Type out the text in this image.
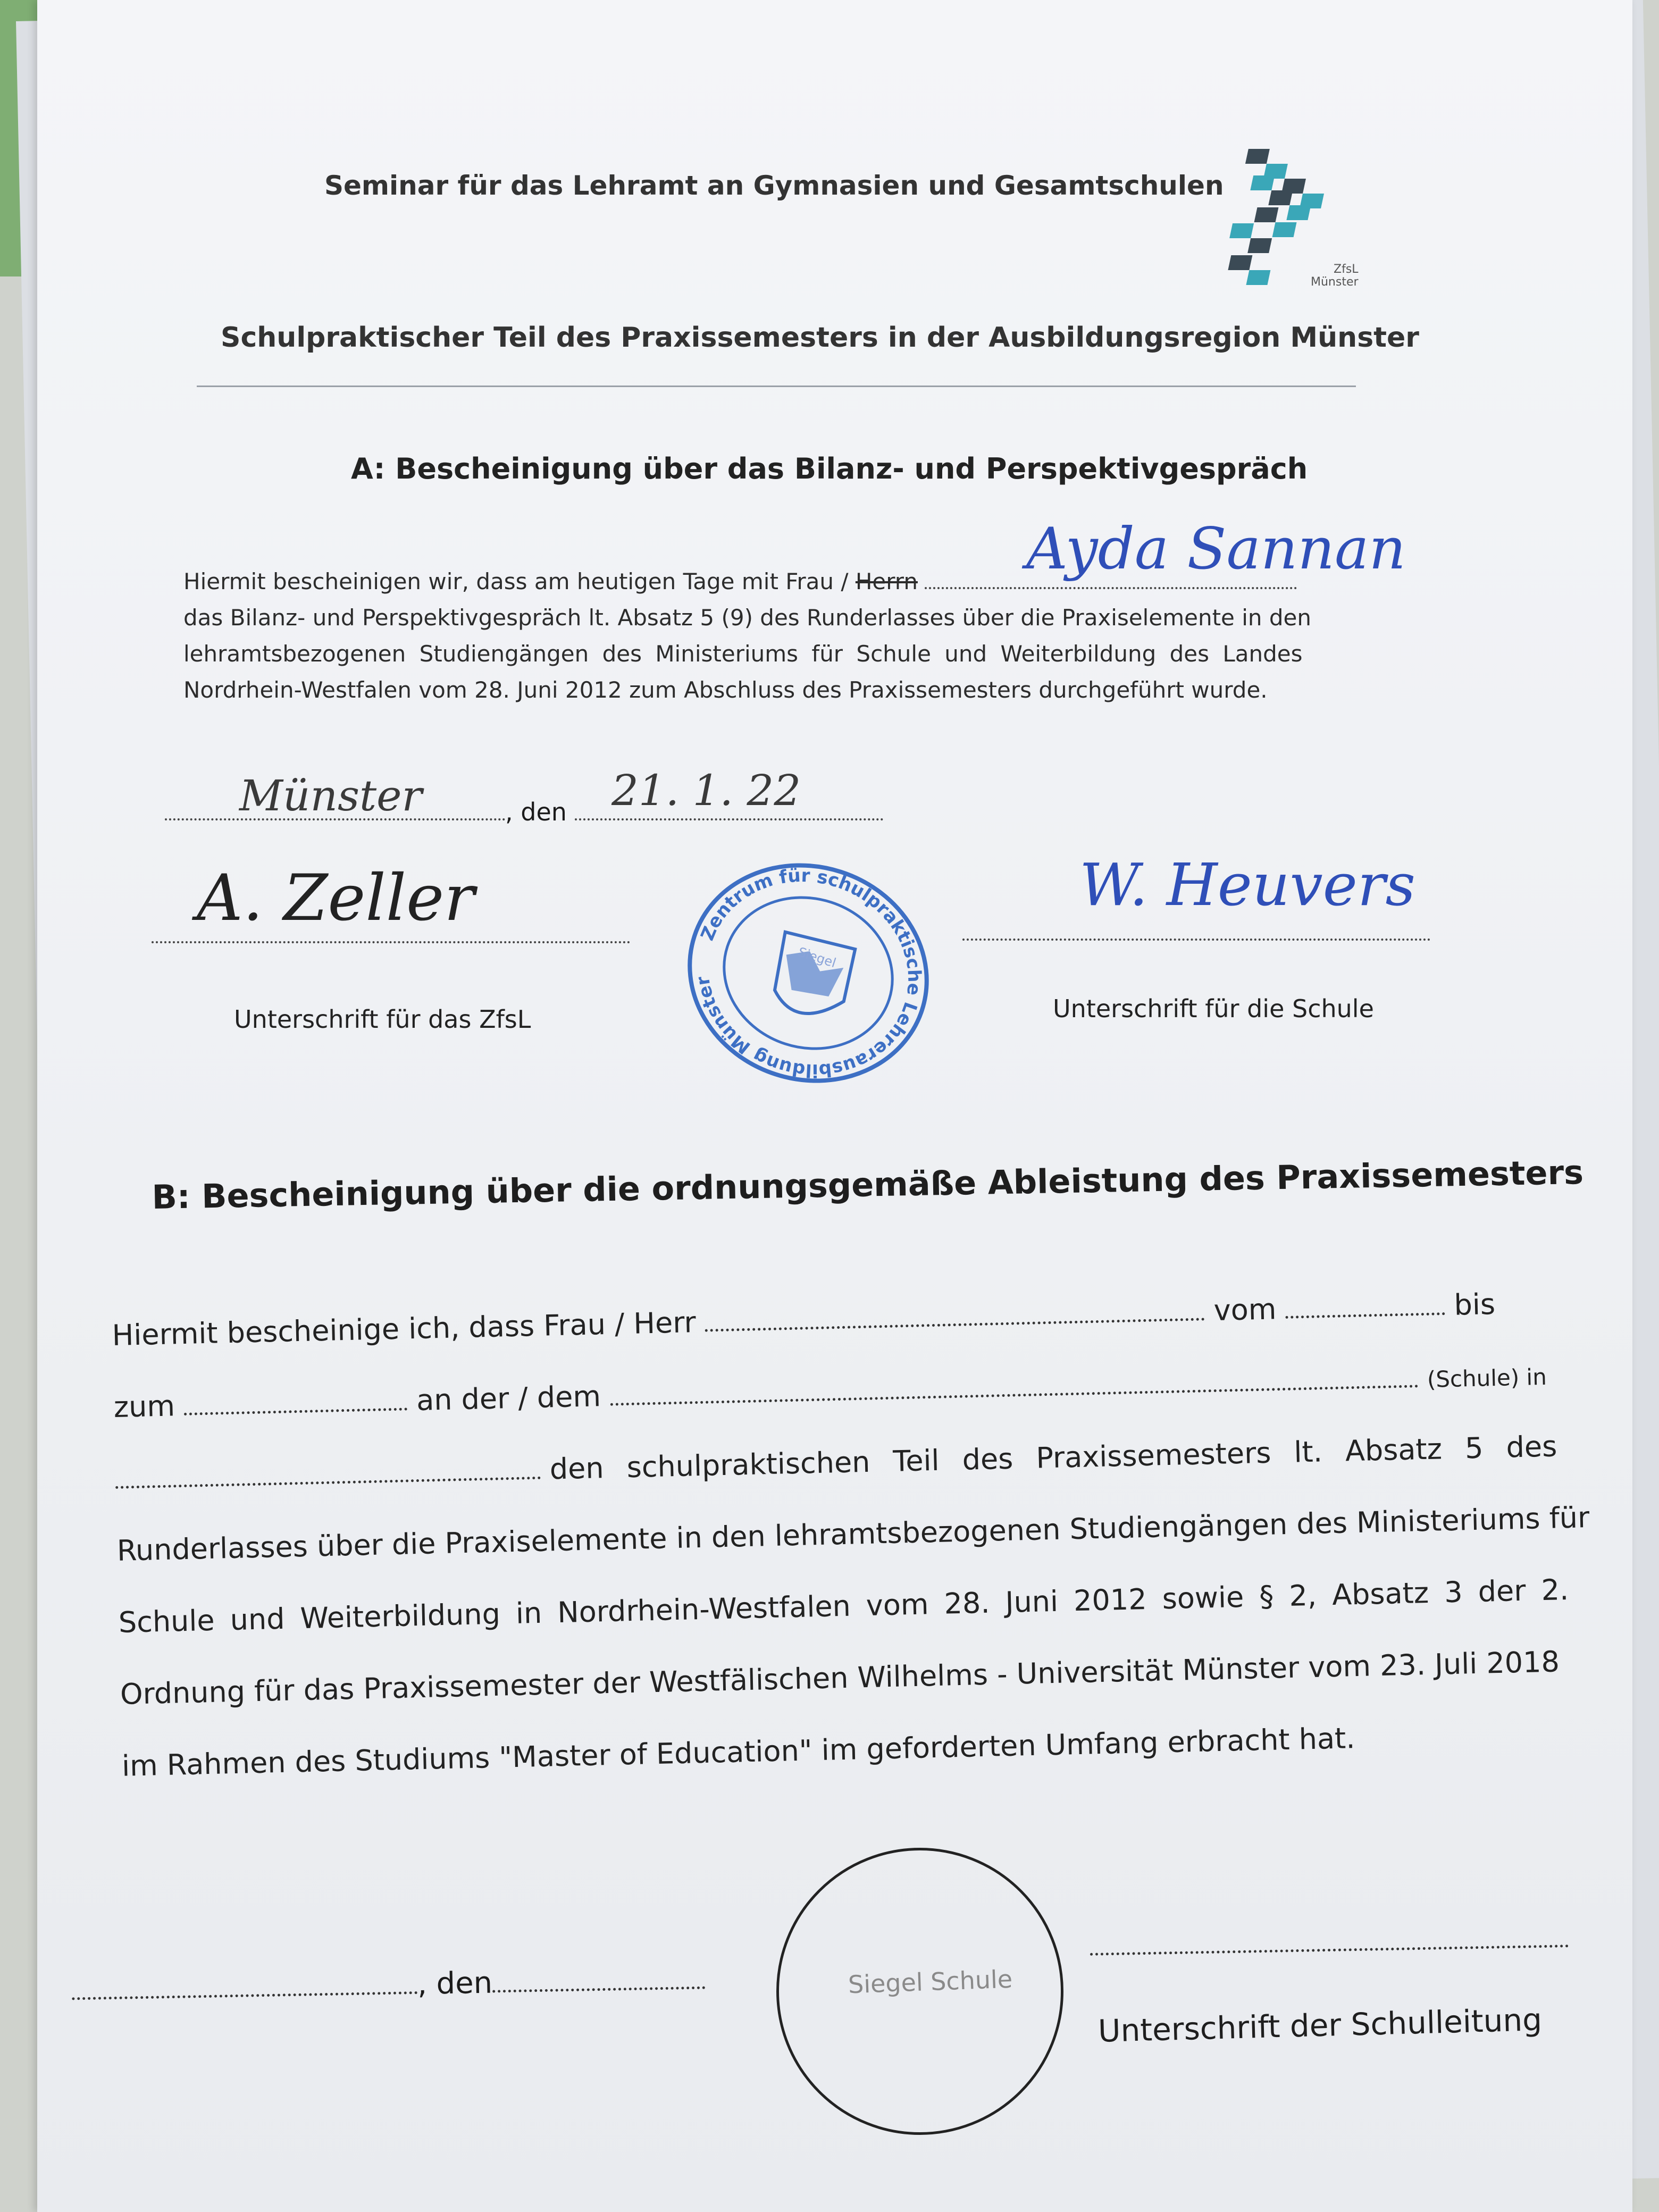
Seminar für das Lehramt an Gymnasien und Gesamtschulen
ZfsL
Münster
Schulpraktischer Teil des Praxissemesters in der Ausbildungsregion Münster
A: Bescheinigung über das Bilanz- und Perspektivgespräch
Hiermit bescheinigen wir, dass am heutigen Tage mit Frau / Herrn
das Bilanz- und Perspektivgespräch lt. Absatz 5 (9) des Runderlasses über die Praxiselemente in den
lehramtsbezogenen Studiengängen des Ministeriums für Schule und Weiterbildung des Landes
Nordrhein-Westfalen vom 28. Juni 2012 zum Abschluss des Praxissemesters durchgeführt wurde.
Ayda Sannan
, den
Münster	21. 1. 22
A. Zeller
Unterschrift für das ZfsL
Zentrum für schulpraktische Lehrerausbildung Münster
Siegel
W. Heuvers
Unterschrift für die Schule
B: Bescheinigung über die ordnungsgemäße Ableistung des Praxissemesters
Hiermit bescheinige ich, dass Frau / Herr	vom	bis
zum	an der / dem  (Schule) in
den schulpraktischen Teil des Praxissemesters lt. Absatz 5 des
Runderlasses über die Praxiselemente in den lehramtsbezogenen Studiengängen des Ministeriums für
Schule und Weiterbildung in Nordrhein-Westfalen vom 28. Juni 2012 sowie § 2, Absatz 3 der 2.
Ordnung für das Praxissemester der Westfälischen Wilhelms - Universität Münster vom 23. Juli 2018
im Rahmen des Studiums "Master of Education" im geforderten Umfang erbracht hat.
, den	Siegel Schule
Unterschrift der Schulleitung
